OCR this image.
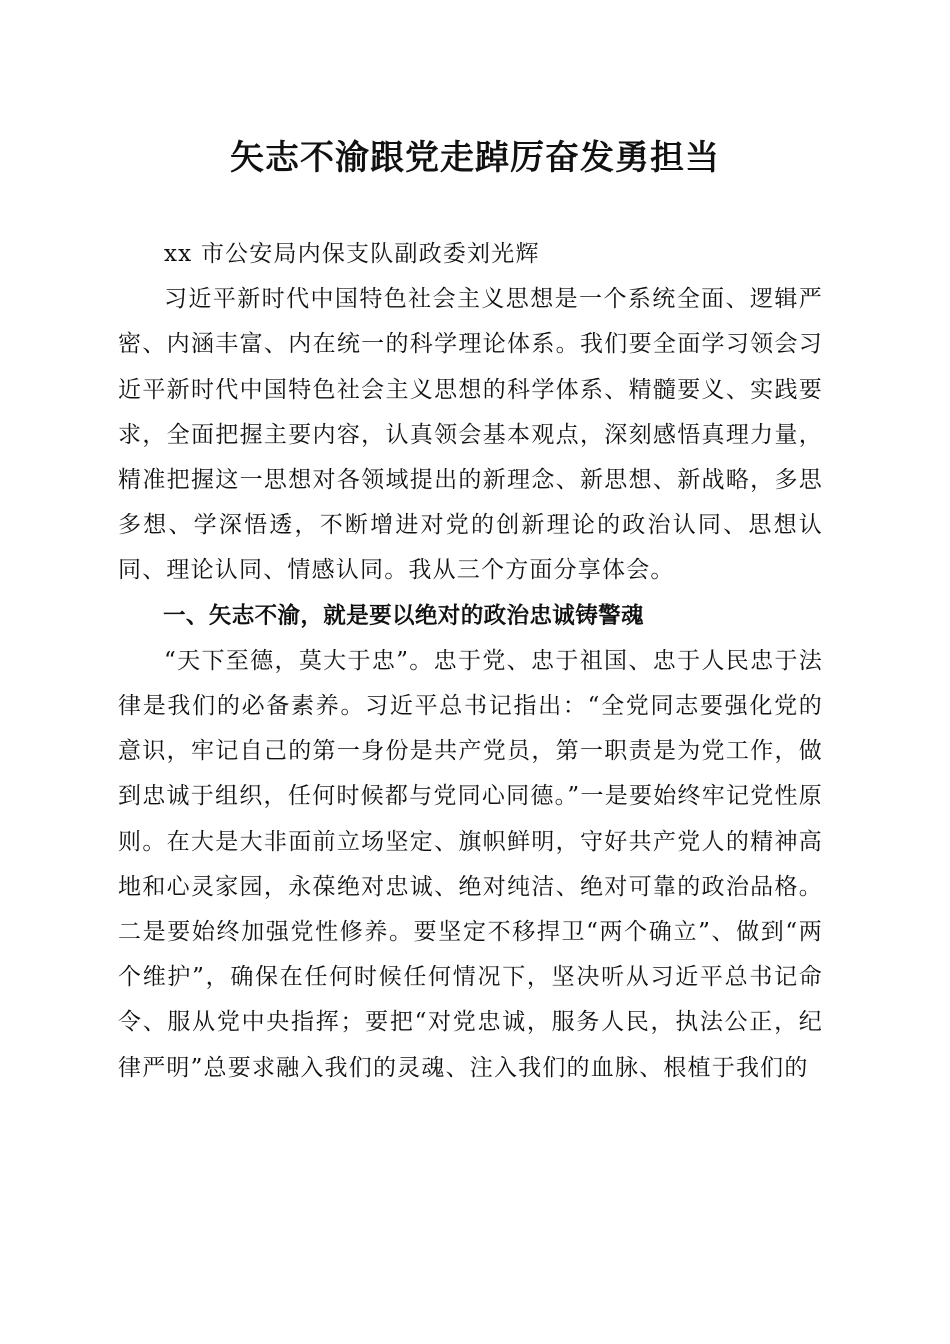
矢志不渝跟党走踔厉奋发勇担当

xx 市公安局内保支队副政委刘光辉

习近平新时代中国特色社会主义思想是一个系统全面、逻辑严密、内涵丰富、内在统一的科学理论体系。我们要全面学习领会习近平新时代中国特色社会主义思想的科学体系、精髓要义、实践要求，全面把握主要内容，认真领会基本观点，深刻感悟真理力量，精准把握这一思想对各领域提出的新理念、新思想、新战略，多思多想、学深悟透，不断增进对党的创新理论的政治认同、思想认同、理论认同、情感认同。我从三个方面分享体会。

一、矢志不渝，就是要以绝对的政治忠诚铸警魂

“天下至德，莫大于忠”。忠于党、忠于祖国、忠于人民忠于法律是我们的必备素养。习近平总书记指出：“全党同志要强化党的意识，牢记自己的第一身份是共产党员，第一职责是为党工作，做到忠诚于组织，任何时候都与党同心同德。”一是要始终牢记党性原则。在大是大非面前立场坚定、旗帜鲜明，守好共产党人的精神高地和心灵家园，永葆绝对忠诚、绝对纯洁、绝对可靠的政治品格。二是要始终加强党性修养。要坚定不移捍卫“两个确立”、做到“两个维护”，确保在任何时候任何情况下，坚决听从习近平总书记命令、服从党中央指挥；要把“对党忠诚，服务人民，执法公正，纪律严明”总要求融入我们的灵魂、注入我们的血脉、根植于我们的
